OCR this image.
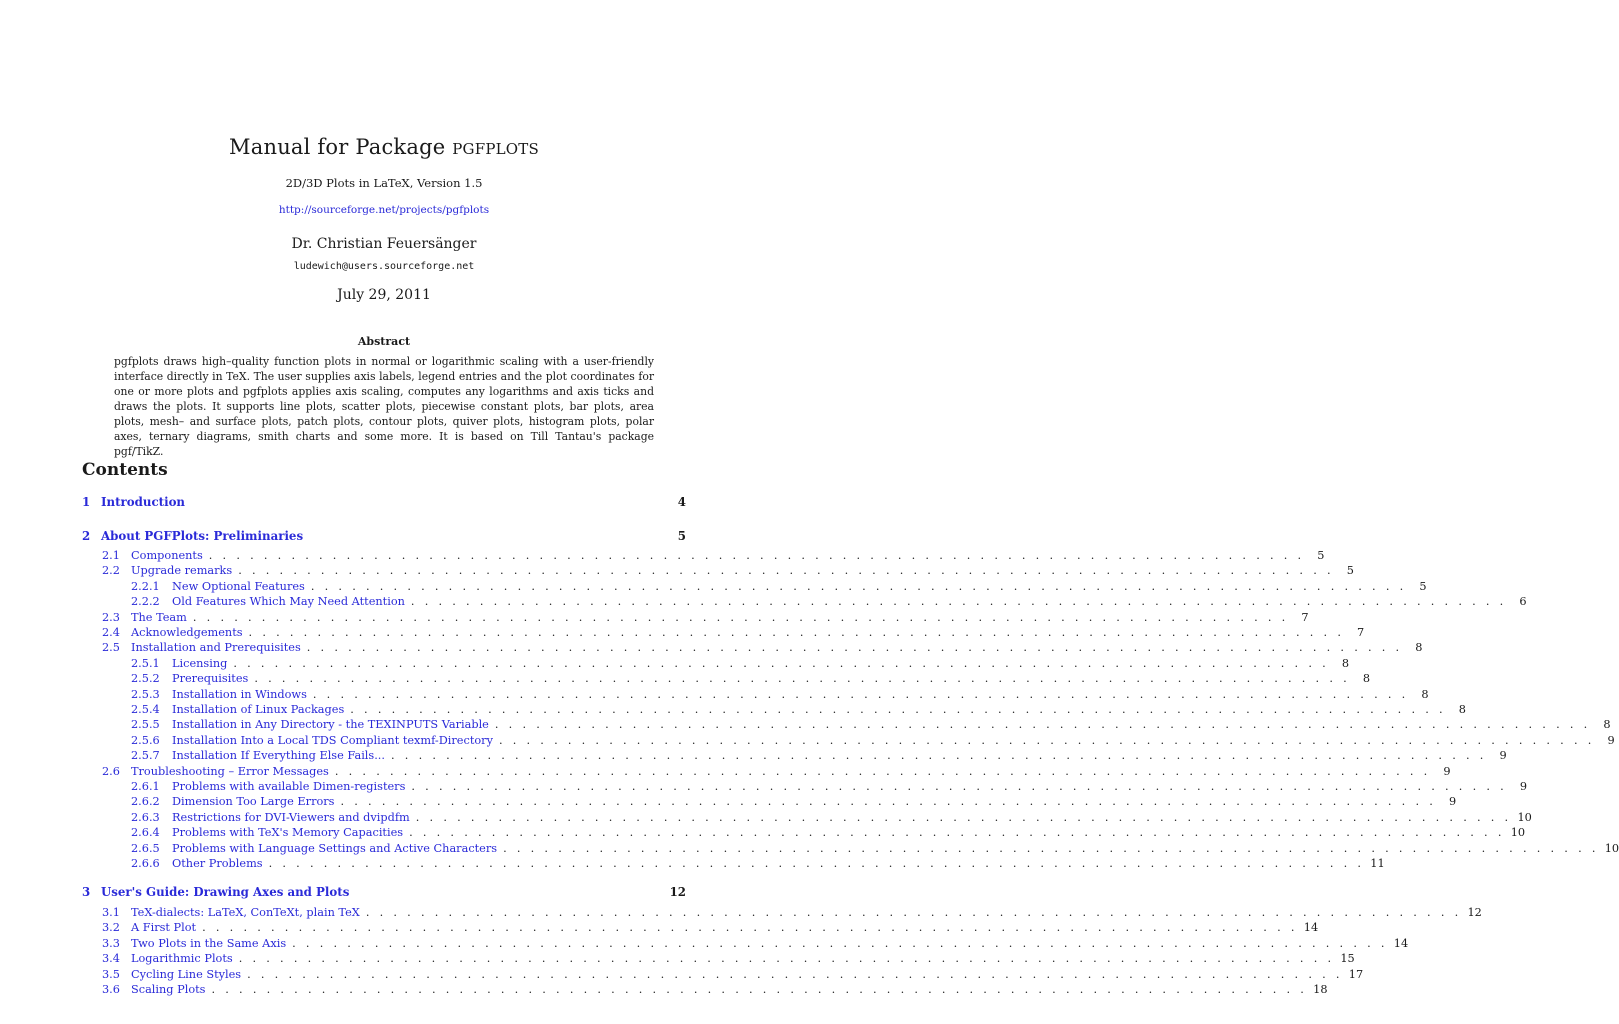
Manual for Package pgfplots
2D/3D Plots in LaTeX, Version 1.5
http://sourceforge.net/projects/pgfplots
Dr. Christian Feuersänger
ludewich@users.sourceforge.net
July 29, 2011
Abstract
pgfplots draws high–quality function plots in normal or logarithmic scaling with a user-friendly interface directly in TeX. The user supplies axis labels, legend entries and the plot coordinates for one or more plots and pgfplots applies axis scaling, computes any logarithms and axis ticks and draws the plots. It supports line plots, scatter plots, piecewise constant plots, bar plots, area plots, mesh– and surface plots, patch plots, contour plots, quiver plots, histogram plots, polar axes, ternary diagrams, smith charts and some more. It is based on Till Tantau's package pgf/TikZ.
Contents
1 Introduction	4
2 About PGFPlots: Preliminaries	5
2.1 Components . . . . . . . . . . . . . . . . . . . . . . . . . . . . . . . . . . . . . . . . . . . . . . . . . . . . . . . . . . . . . . . . . . . . . . . . . . . . . . . .	5
2.2 Upgrade remarks . . . . . . . . . . . . . . . . . . . . . . . . . . . . . . . . . . . . . . . . . . . . . . . . . . . . . . . . . . . . . . . . . . . . . . . . . . . . . . . .	5
2.2.1	New Optional Features . . . . . . . . . . . . . . . . . . . . . . . . . . . . . . . . . . . . . . . . . . . . . . . . . . . . . . . . . . . . . . . . . . . . . . . . . . . . . . . .	5
2.2.2	Old Features Which May Need Attention . . . . . . . . . . . . . . . . . . . . . . . . . . . . . . . . . . . . . . . . . . . . . . . . . . . . . . . . . . . . . . . . . . . . . . . . . . . . . . . .	6
2.3 The Team . . . . . . . . . . . . . . . . . . . . . . . . . . . . . . . . . . . . . . . . . . . . . . . . . . . . . . . . . . . . . . . . . . . . . . . . . . . . . . . .	7
2.4 Acknowledgements . . . . . . . . . . . . . . . . . . . . . . . . . . . . . . . . . . . . . . . . . . . . . . . . . . . . . . . . . . . . . . . . . . . . . . . . . . . . . . . .	7
2.5 Installation and Prerequisites . . . . . . . . . . . . . . . . . . . . . . . . . . . . . . . . . . . . . . . . . . . . . . . . . . . . . . . . . . . . . . . . . . . . . . . . . . . . . . . .	8
2.5.1	Licensing . . . . . . . . . . . . . . . . . . . . . . . . . . . . . . . . . . . . . . . . . . . . . . . . . . . . . . . . . . . . . . . . . . . . . . . . . . . . . . . .	8
2.5.2	Prerequisites . . . . . . . . . . . . . . . . . . . . . . . . . . . . . . . . . . . . . . . . . . . . . . . . . . . . . . . . . . . . . . . . . . . . . . . . . . . . . . . .	8
2.5.3	Installation in Windows . . . . . . . . . . . . . . . . . . . . . . . . . . . . . . . . . . . . . . . . . . . . . . . . . . . . . . . . . . . . . . . . . . . . . . . . . . . . . . . .	8
2.5.4	Installation of Linux Packages . . . . . . . . . . . . . . . . . . . . . . . . . . . . . . . . . . . . . . . . . . . . . . . . . . . . . . . . . . . . . . . . . . . . . . . . . . . . . . . .	8
2.5.5	Installation in Any Directory - the TEXINPUTS Variable . . . . . . . . . . . . . . . . . . . . . . . . . . . . . . . . . . . . . . . . . . . . . . . . . . . . . . . . . . . . . . . . . . . . . . . . . . . . . . . .	8
2.5.6	Installation Into a Local TDS Compliant texmf-Directory . . . . . . . . . . . . . . . . . . . . . . . . . . . . . . . . . . . . . . . . . . . . . . . . . . . . . . . . . . . . . . . . . . . . . . . . . . . . . . . .	9
2.5.7	Installation If Everything Else Fails... . . . . . . . . . . . . . . . . . . . . . . . . . . . . . . . . . . . . . . . . . . . . . . . . . . . . . . . . . . . . . . . . . . . . . . . . . . . . . . . .	9
2.6 Troubleshooting – Error Messages . . . . . . . . . . . . . . . . . . . . . . . . . . . . . . . . . . . . . . . . . . . . . . . . . . . . . . . . . . . . . . . . . . . . . . . . . . . . . . . .	9
2.6.1	Problems with available Dimen-registers . . . . . . . . . . . . . . . . . . . . . . . . . . . . . . . . . . . . . . . . . . . . . . . . . . . . . . . . . . . . . . . . . . . . . . . . . . . . . . . .	9
2.6.2	Dimension Too Large Errors . . . . . . . . . . . . . . . . . . . . . . . . . . . . . . . . . . . . . . . . . . . . . . . . . . . . . . . . . . . . . . . . . . . . . . . . . . . . . . . .	9
2.6.3	Restrictions for DVI-Viewers and dvipdfm . . . . . . . . . . . . . . . . . . . . . . . . . . . . . . . . . . . . . . . . . . . . . . . . . . . . . . . . . . . . . . . . . . . . . . . . . . . . . . . . 10
2.6.4	Problems with TeX's Memory Capacities . . . . . . . . . . . . . . . . . . . . . . . . . . . . . . . . . . . . . . . . . . . . . . . . . . . . . . . . . . . . . . . . . . . . . . . . . . . . . . . . 10
2.6.5	Problems with Language Settings and Active Characters . . . . . . . . . . . . . . . . . . . . . . . . . . . . . . . . . . . . . . . . . . . . . . . . . . . . . . . . . . . . . . . . . . . . . . . . . . . . . . . . 10
2.6.6	Other Problems . . . . . . . . . . . . . . . . . . . . . . . . . . . . . . . . . . . . . . . . . . . . . . . . . . . . . . . . . . . . . . . . . . . . . . . . . . . . . . . . 11
3 User's Guide: Drawing Axes and Plots	12
3.1 TeX-dialects: LaTeX, ConTeXt, plain TeX . . . . . . . . . . . . . . . . . . . . . . . . . . . . . . . . . . . . . . . . . . . . . . . . . . . . . . . . . . . . . . . . . . . . . . . . . . . . . . . . 12
3.2 A First Plot . . . . . . . . . . . . . . . . . . . . . . . . . . . . . . . . . . . . . . . . . . . . . . . . . . . . . . . . . . . . . . . . . . . . . . . . . . . . . . . . 14
3.3 Two Plots in the Same Axis . . . . . . . . . . . . . . . . . . . . . . . . . . . . . . . . . . . . . . . . . . . . . . . . . . . . . . . . . . . . . . . . . . . . . . . . . . . . . . . . 14
3.4 Logarithmic Plots . . . . . . . . . . . . . . . . . . . . . . . . . . . . . . . . . . . . . . . . . . . . . . . . . . . . . . . . . . . . . . . . . . . . . . . . . . . . . . . . 15
3.5 Cycling Line Styles . . . . . . . . . . . . . . . . . . . . . . . . . . . . . . . . . . . . . . . . . . . . . . . . . . . . . . . . . . . . . . . . . . . . . . . . . . . . . . . . 17
3.6 Scaling Plots . . . . . . . . . . . . . . . . . . . . . . . . . . . . . . . . . . . . . . . . . . . . . . . . . . . . . . . . . . . . . . . . . . . . . . . . . . . . . . . . 18
